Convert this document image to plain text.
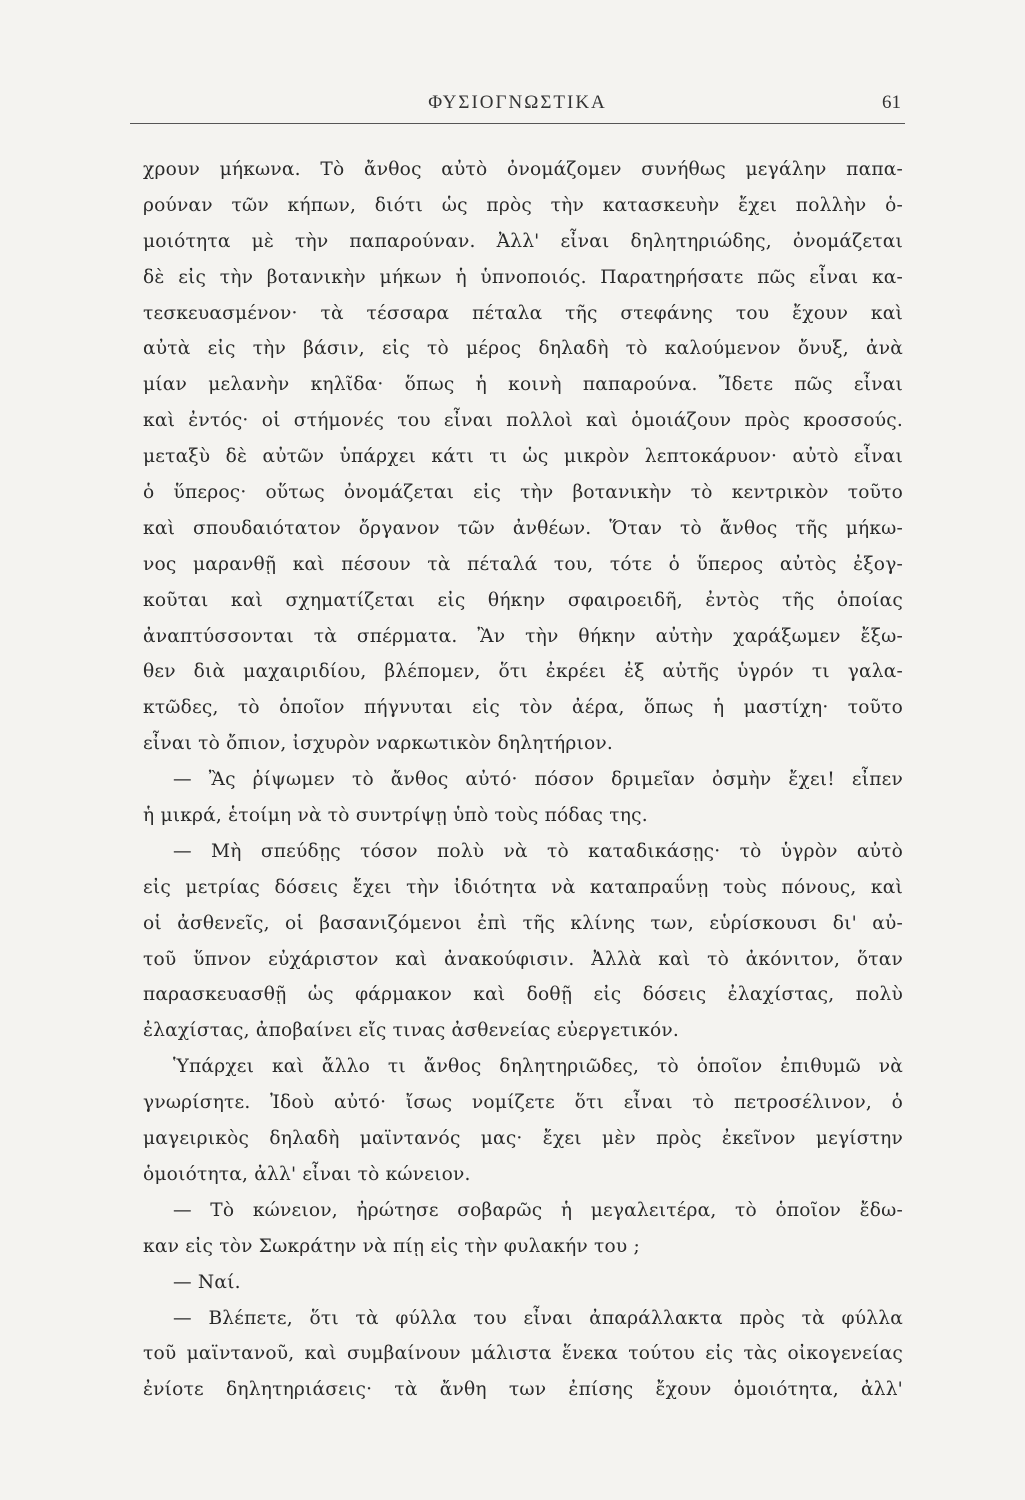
ΦΥΣΙΟΓΝΩΣΤΙΚΑ	61
χρουν μήκωνα. Τὸ ἄνθος αὐτὸ ὀνομάζομεν συνήθως μεγάλην παπα-
ρούναν τῶν κήπων, διότι ὡς πρὸς τὴν κατασκευὴν ἔχει πολλὴν ὁ-
μοιότητα μὲ τὴν παπαρούναν. Ἀλλ' εἶναι δηλητηριώδης, ὀνομάζεται
δὲ εἰς τὴν βοτανικὴν μήκων ἡ ὑπνοποιός. Παρατηρήσατε πῶς εἶναι κα-
τεσκευασμένον· τὰ τέσσαρα πέταλα τῆς στεφάνης του ἔχουν καὶ
αὐτὰ εἰς τὴν βάσιν, εἰς τὸ μέρος δηλαδὴ τὸ καλούμενον ὄνυξ, ἀνὰ
μίαν μελανὴν κηλῖδα· ὅπως ἡ κοινὴ παπαρούνα. Ἴδετε πῶς εἶναι
καὶ ἐντός· οἱ στήμονές του εἶναι πολλοὶ καὶ ὁμοιάζουν πρὸς κροσσούς.
μεταξὺ δὲ αὐτῶν ὑπάρχει κάτι τι ὡς μικρὸν λεπτοκάρυον· αὐτὸ εἶναι
ὁ ὕπερος· οὕτως ὀνομάζεται εἰς τὴν βοτανικὴν τὸ κεντρικὸν τοῦτο
καὶ σπουδαιότατον ὄργανον τῶν ἀνθέων. Ὅταν τὸ ἄνθος τῆς μήκω-
νος μαρανθῇ καὶ πέσουν τὰ πέταλά του, τότε ὁ ὕπερος αὐτὸς ἐξογ-
κοῦται καὶ σχηματίζεται εἰς θήκην σφαιροειδῆ, ἐντὸς τῆς ὁποίας
ἀναπτύσσονται τὰ σπέρματα. Ἂν τὴν θήκην αὐτὴν χαράξωμεν ἔξω-
θεν διὰ μαχαιριδίου, βλέπομεν, ὅτι ἐκρέει ἐξ αὐτῆς ὑγρόν τι γαλα-
κτῶδες, τὸ ὁποῖον πήγνυται εἰς τὸν ἀέρα, ὅπως ἡ μαστίχη· τοῦτο
εἶναι τὸ ὄπιον, ἰσχυρὸν ναρκωτικὸν δηλητήριον.
— Ἂς ῥίψωμεν τὸ ἄνθος αὐτό· πόσον δριμεῖαν ὀσμὴν ἔχει! εἶπεν
ἡ μικρά, ἑτοίμη νὰ τὸ συντρίψῃ ὑπὸ τοὺς πόδας της.
— Μὴ σπεύδῃς τόσον πολὺ νὰ τὸ καταδικάσῃς· τὸ ὑγρὸν αὐτὸ
εἰς μετρίας δόσεις ἔχει τὴν ἰδιότητα νὰ καταπραΰνῃ τοὺς πόνους, καὶ
οἱ ἀσθενεῖς, οἱ βασανιζόμενοι ἐπὶ τῆς κλίνης των, εὑρίσκουσι δι' αὐ-
τοῦ ὕπνον εὐχάριστον καὶ ἀνακούφισιν. Ἀλλὰ καὶ τὸ ἀκόνιτον, ὅταν
παρασκευασθῇ ὡς φάρμακον καὶ δοθῇ εἰς δόσεις ἐλαχίστας, πολὺ
ἐλαχίστας, ἀποβαίνει εἴς τινας ἀσθενείας εὐεργετικόν.
Ὑπάρχει καὶ ἄλλο τι ἄνθος δηλητηριῶδες, τὸ ὁποῖον ἐπιθυμῶ νὰ
γνωρίσητε. Ἰδοὺ αὐτό· ἴσως νομίζετε ὅτι εἶναι τὸ πετροσέλινον, ὁ
μαγειρικὸς δηλαδὴ μαϊντανός μας· ἔχει μὲν πρὸς ἐκεῖνον μεγίστην
ὁμοιότητα, ἀλλ' εἶναι τὸ κώνειον.
— Τὸ κώνειον, ἠρώτησε σοβαρῶς ἡ μεγαλειτέρα, τὸ ὁποῖον ἔδω-
καν εἰς τὸν Σωκράτην νὰ πίῃ εἰς τὴν φυλακήν του ;
— Ναί.
— Βλέπετε, ὅτι τὰ φύλλα του εἶναι ἀπαράλλακτα πρὸς τὰ φύλλα
τοῦ μαϊντανοῦ, καὶ συμβαίνουν μάλιστα ἕνεκα τούτου εἰς τὰς οἰκογενείας
ἐνίοτε δηλητηριάσεις· τὰ ἄνθη των ἐπίσης ἔχουν ὁμοιότητα, ἀλλ'
